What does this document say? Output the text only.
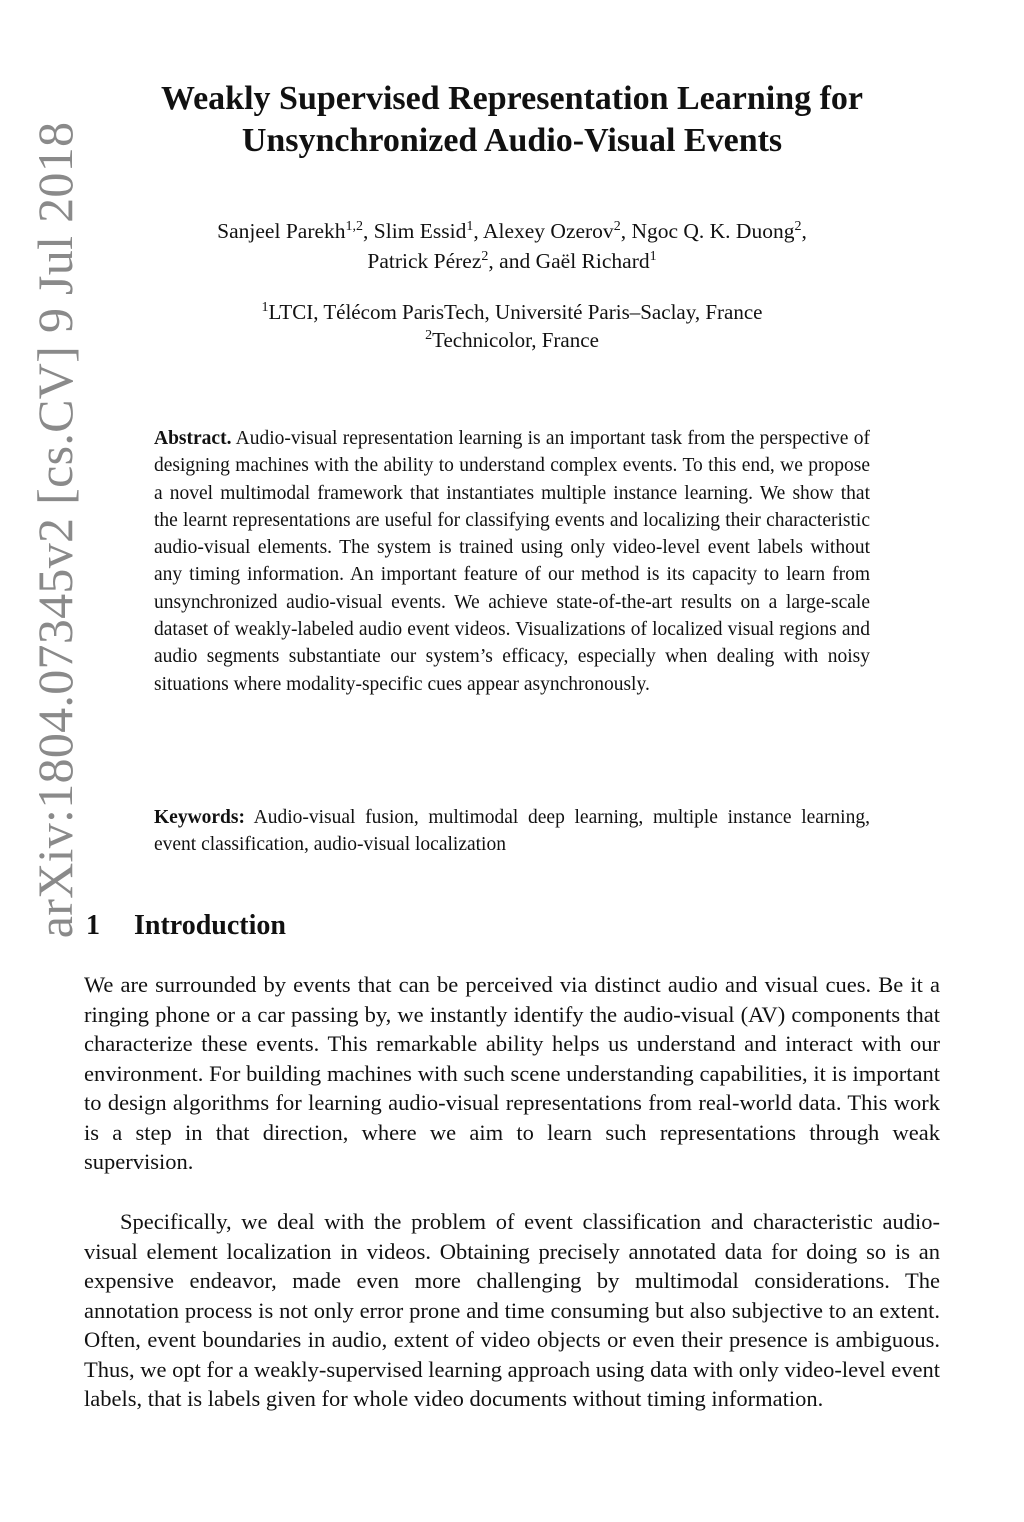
arXiv:1804.07345v2 [cs.CV] 9 Jul 2018
Weakly Supervised Representation Learning for
Unsynchronized Audio-Visual Events
Sanjeel Parekh$^{1,2}$, Slim Essid$^1$, Alexey Ozerov$^2$, Ngoc Q. K. Duong$^2$,
Patrick Pérez$^2$, and Gaël Richard$^1$
$^1$LTCI, Télécom ParisTech, Université Paris–Saclay, France
$^2$Technicolor, France

Abstract. Audio-visual representation learning is an important task from the perspective of designing machines with the ability to understand complex events. To this end, we propose a novel multimodal framework that instantiates multiple instance learning. We show that the learnt representations are useful for classifying events and localizing their characteristic audio-visual elements. The system is trained using only video-level event labels without any timing information. An important feature of our method is its capacity to learn from unsynchronized audio-visual events. We achieve state-of-the-art results on a large-scale dataset of weakly-labeled audio event videos. Visualizations of localized visual regions and audio segments substantiate our system’s efficacy, especially when dealing with noisy situations where modality-specific cues appear asynchronously.

Keywords: Audio-visual fusion, multimodal deep learning, multiple instance learning, event classification, audio-visual localization

1 Introduction

We are surrounded by events that can be perceived via distinct audio and visual cues. Be it a ringing phone or a car passing by, we instantly identify the audio-visual (AV) components that characterize these events. This remarkable ability helps us understand and interact with our environment. For building machines with such scene understanding capabilities, it is important to design algorithms for learning audio-visual representations from real-world data. This work is a step in that direction, where we aim to learn such representations through weak supervision.

Specifically, we deal with the problem of event classification and characteristic audio-visual element localization in videos. Obtaining precisely annotated data for doing so is an expensive endeavor, made even more challenging by multimodal considerations. The annotation process is not only error prone and time consuming but also subjective to an extent. Often, event boundaries in audio, extent of video objects or even their presence is ambiguous. Thus, we opt for a weakly-supervised learning approach using data with only video-level event labels, that is labels given for whole video documents without timing information.
